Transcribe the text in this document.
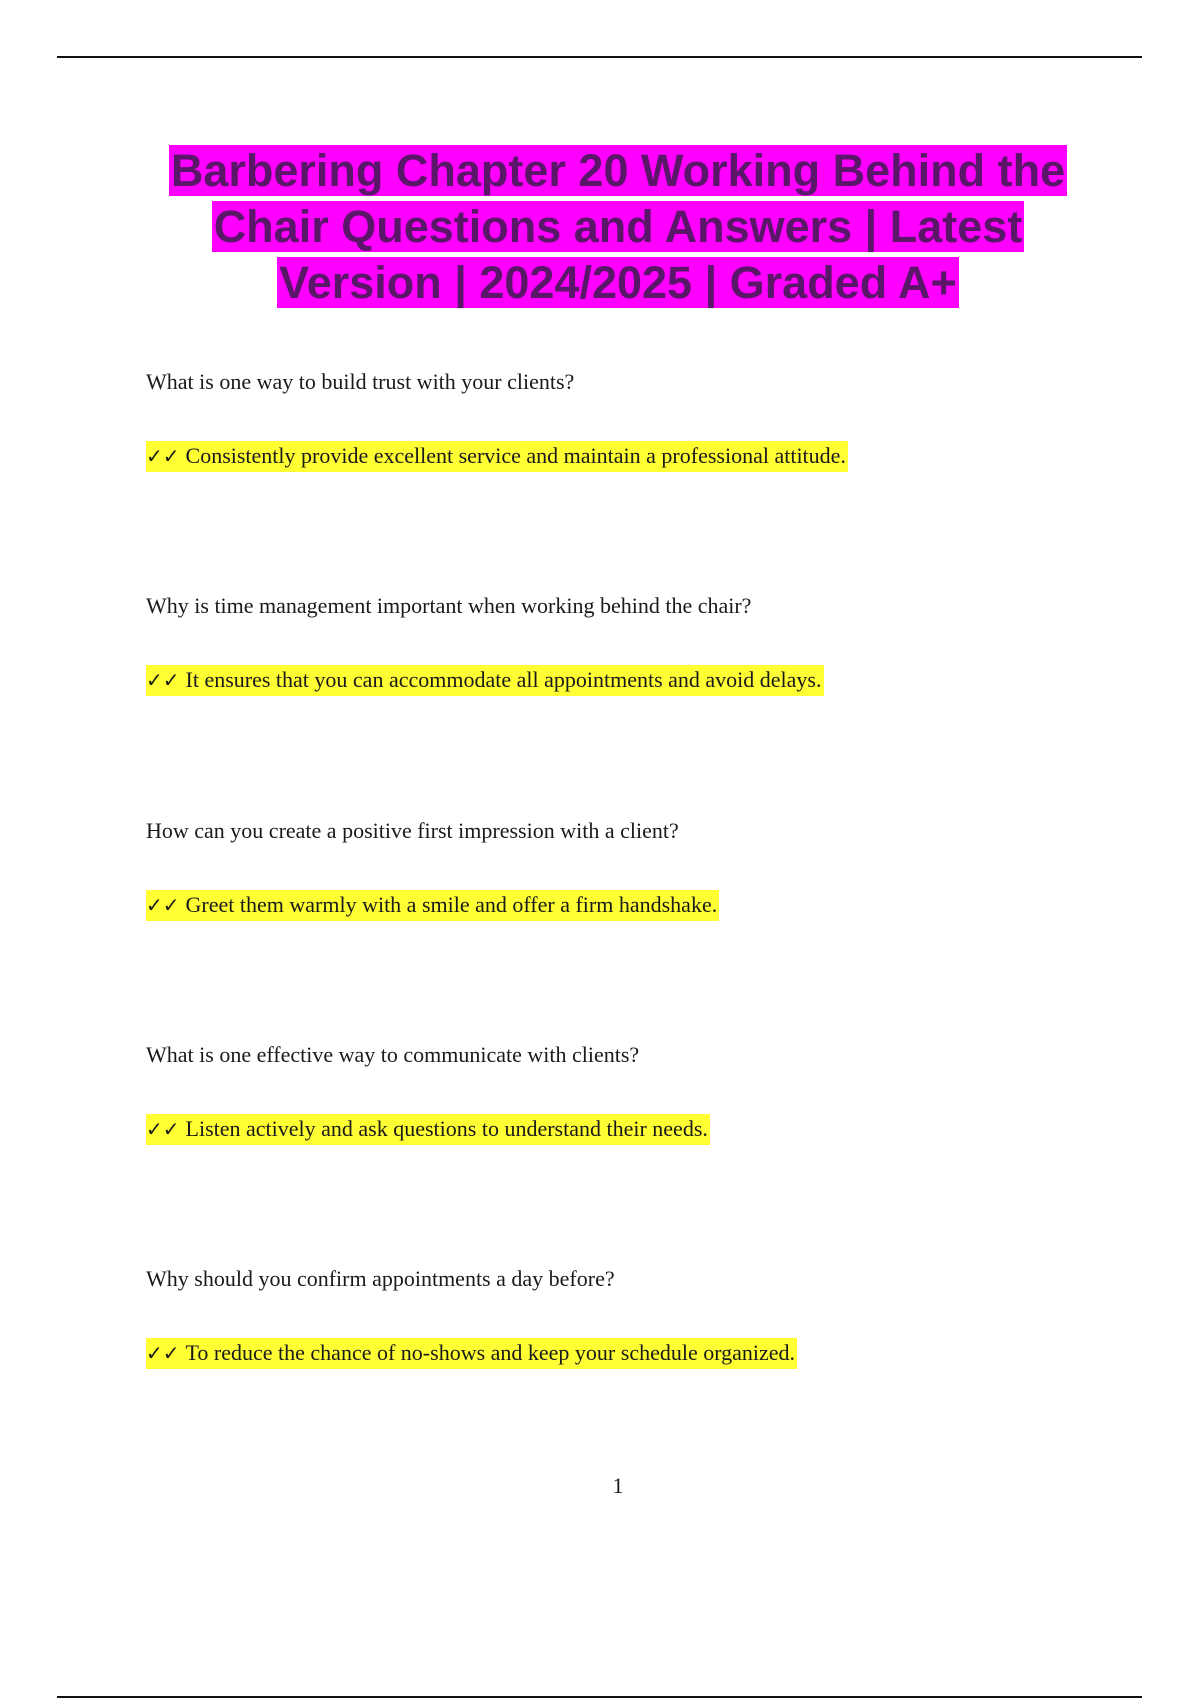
Barbering Chapter 20 Working Behind the Chair Questions and Answers | Latest Version | 2024/2025 | Graded A+

What is one way to build trust with your clients?

✓✓ Consistently provide excellent service and maintain a professional attitude.

Why is time management important when working behind the chair?

✓✓ It ensures that you can accommodate all appointments and avoid delays.

How can you create a positive first impression with a client?

✓✓ Greet them warmly with a smile and offer a firm handshake.

What is one effective way to communicate with clients?

✓✓ Listen actively and ask questions to understand their needs.

Why should you confirm appointments a day before?

✓✓ To reduce the chance of no-shows and keep your schedule organized.

1
